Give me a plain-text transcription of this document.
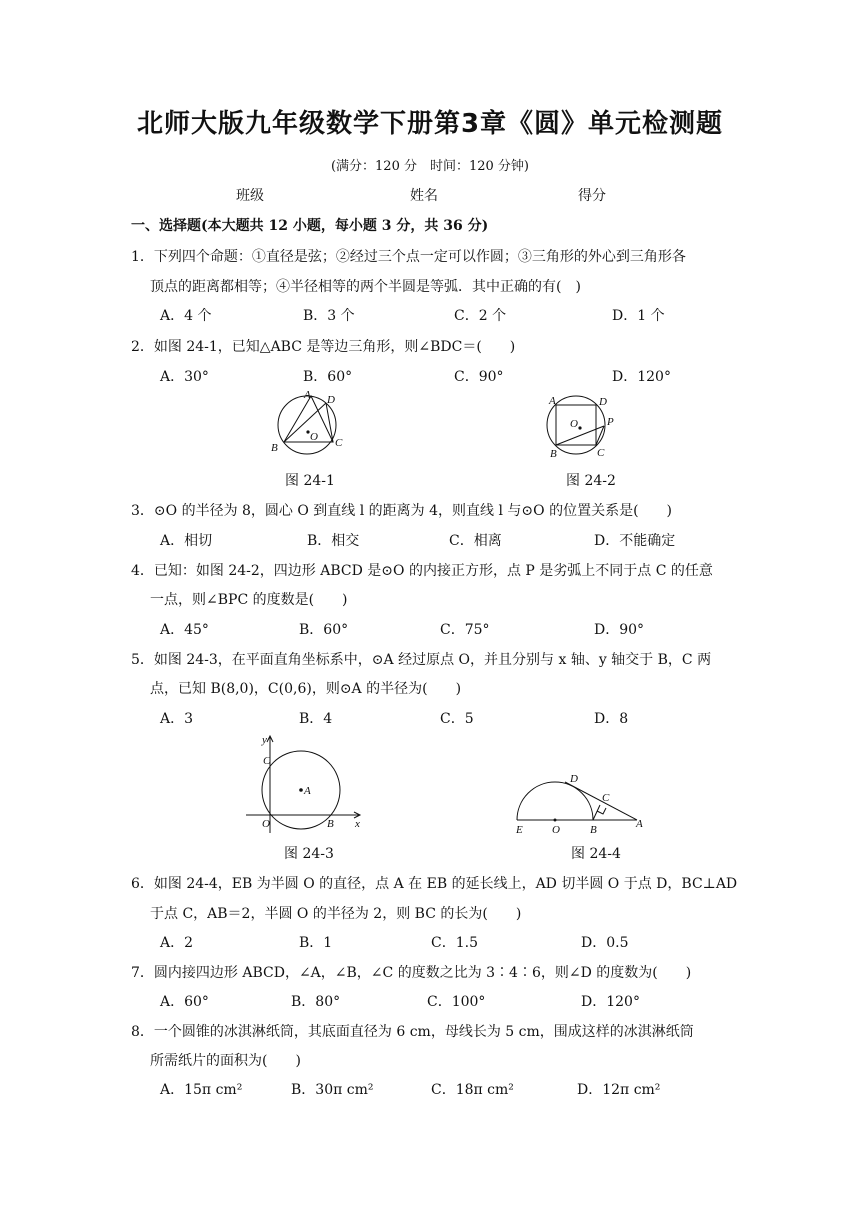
北师大版九年级数学下册第3章《圆》单元检测题
(满分：120 分　时间：120 分钟)
班级	姓名	得分
一、选择题(本大题共 12 小题，每小题 3 分，共 36 分)
1．下列四个命题：①直径是弦；②经过三个点一定可以作圆；③三角形的外心到三角形各
顶点的距离都相等；④半径相等的两个半圆是等弧．其中正确的有(　)
A．4 个	B．3 个	C．2 个	D．1 个
2．如图 24-1，已知△ABC 是等边三角形，则∠BDC＝(　　)
A．30°	B．60°	C．90°	D．120°
A D
B
O C
图 24-1
A	D
O	P
B	C
图 24-2
3．⊙O 的半径为 8，圆心 O 到直线 l 的距离为 4，则直线 l 与⊙O 的位置关系是(　　)
A．相切	B．相交	C．相离	D．不能确定
4．已知：如图 24-2，四边形 ABCD 是⊙O 的内接正方形，点 P 是劣弧上不同于点 C 的任意
一点，则∠BPC 的度数是(　　)
A．45°	B．60°	C．75°	D．90°
5．如图 24-3，在平面直角坐标系中，⊙A 经过原点 O，并且分别与 x 轴、y 轴交于 B，C 两
点，已知 B(8,0)，C(0,6)，则⊙A 的半径为(　　)
A．3	B．4	C．5	D．8
y
C
A
O	B x
图 24-3
D
C
E	O	B	A
图 24-4
6．如图 24-4，EB 为半圆 O 的直径，点 A 在 EB 的延长线上，AD 切半圆 O 于点 D，BC⊥AD
于点 C，AB＝2，半圆 O 的半径为 2，则 BC 的长为(　　)
A．2	B．1	C．1.5	D．0.5
7．圆内接四边形 ABCD，∠A，∠B，∠C 的度数之比为 3∶4∶6，则∠D 的度数为(　　)
A．60°	B．80°	C．100°	D．120°
8．一个圆锥的冰淇淋纸筒，其底面直径为 6 cm，母线长为 5 cm，围成这样的冰淇淋纸筒
所需纸片的面积为(　　)
A．15π cm²	B．30π cm²	C．18π cm²	D．12π cm²
